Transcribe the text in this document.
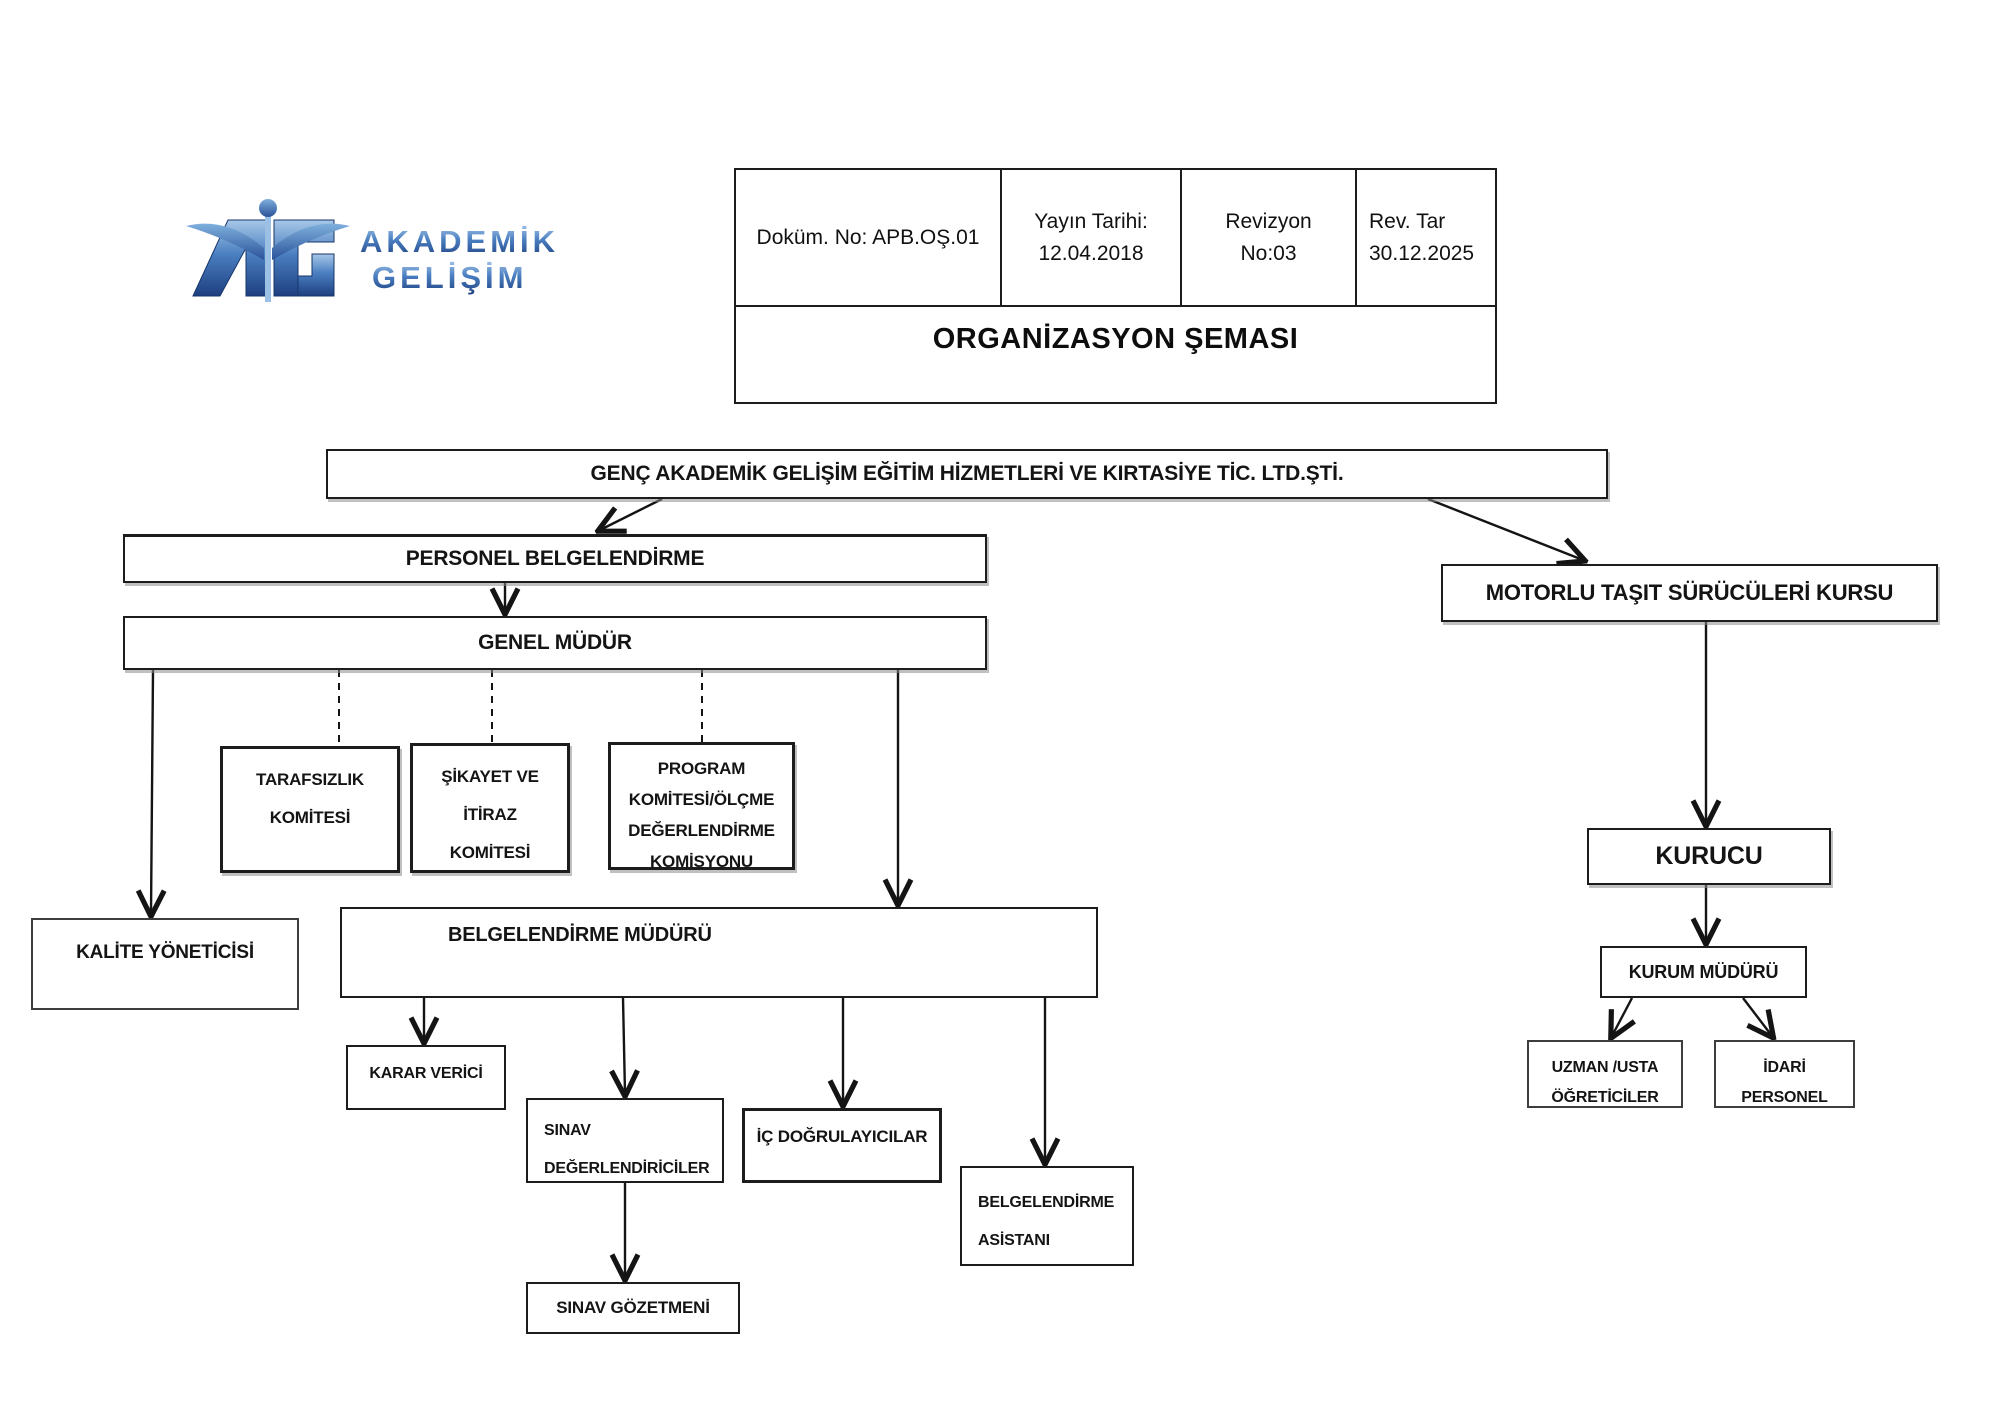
AKADEMİK
GELİŞİM
Doküm. No: APB.OŞ.01
Yayın Tarihi:
12.04.2018
Revizyon
No:03
Rev. Tar
30.12.2025
ORGANİZASYON ŞEMASI
GENÇ AKADEMİK GELİŞİM EĞİTİM HİZMETLERİ VE KIRTASİYE TİC. LTD.ŞTİ.
PERSONEL BELGELENDİRME
MOTORLU TAŞIT SÜRÜCÜLERİ KURSU
GENEL MÜDÜR
TARAFSIZLIK
KOMİTESİ
ŞİKAYET VE İTİRAZ
KOMİTESİ
PROGRAM
KOMİTESİ/ÖLÇME
DEĞERLENDİRME
KOMİSYONU
KALİTE YÖNETİCİSİ
BELGELENDİRME MÜDÜRÜ
KARAR VERİCİ
SINAV
DEĞERLENDİRİCİLER
İÇ DOĞRULAYICILAR
BELGELENDİRME
ASİSTANI
SINAV GÖZETMENİ
KURUCU
KURUM MÜDÜRÜ
UZMAN /USTA
ÖĞRETİCİLER
İDARİ
PERSONEL
